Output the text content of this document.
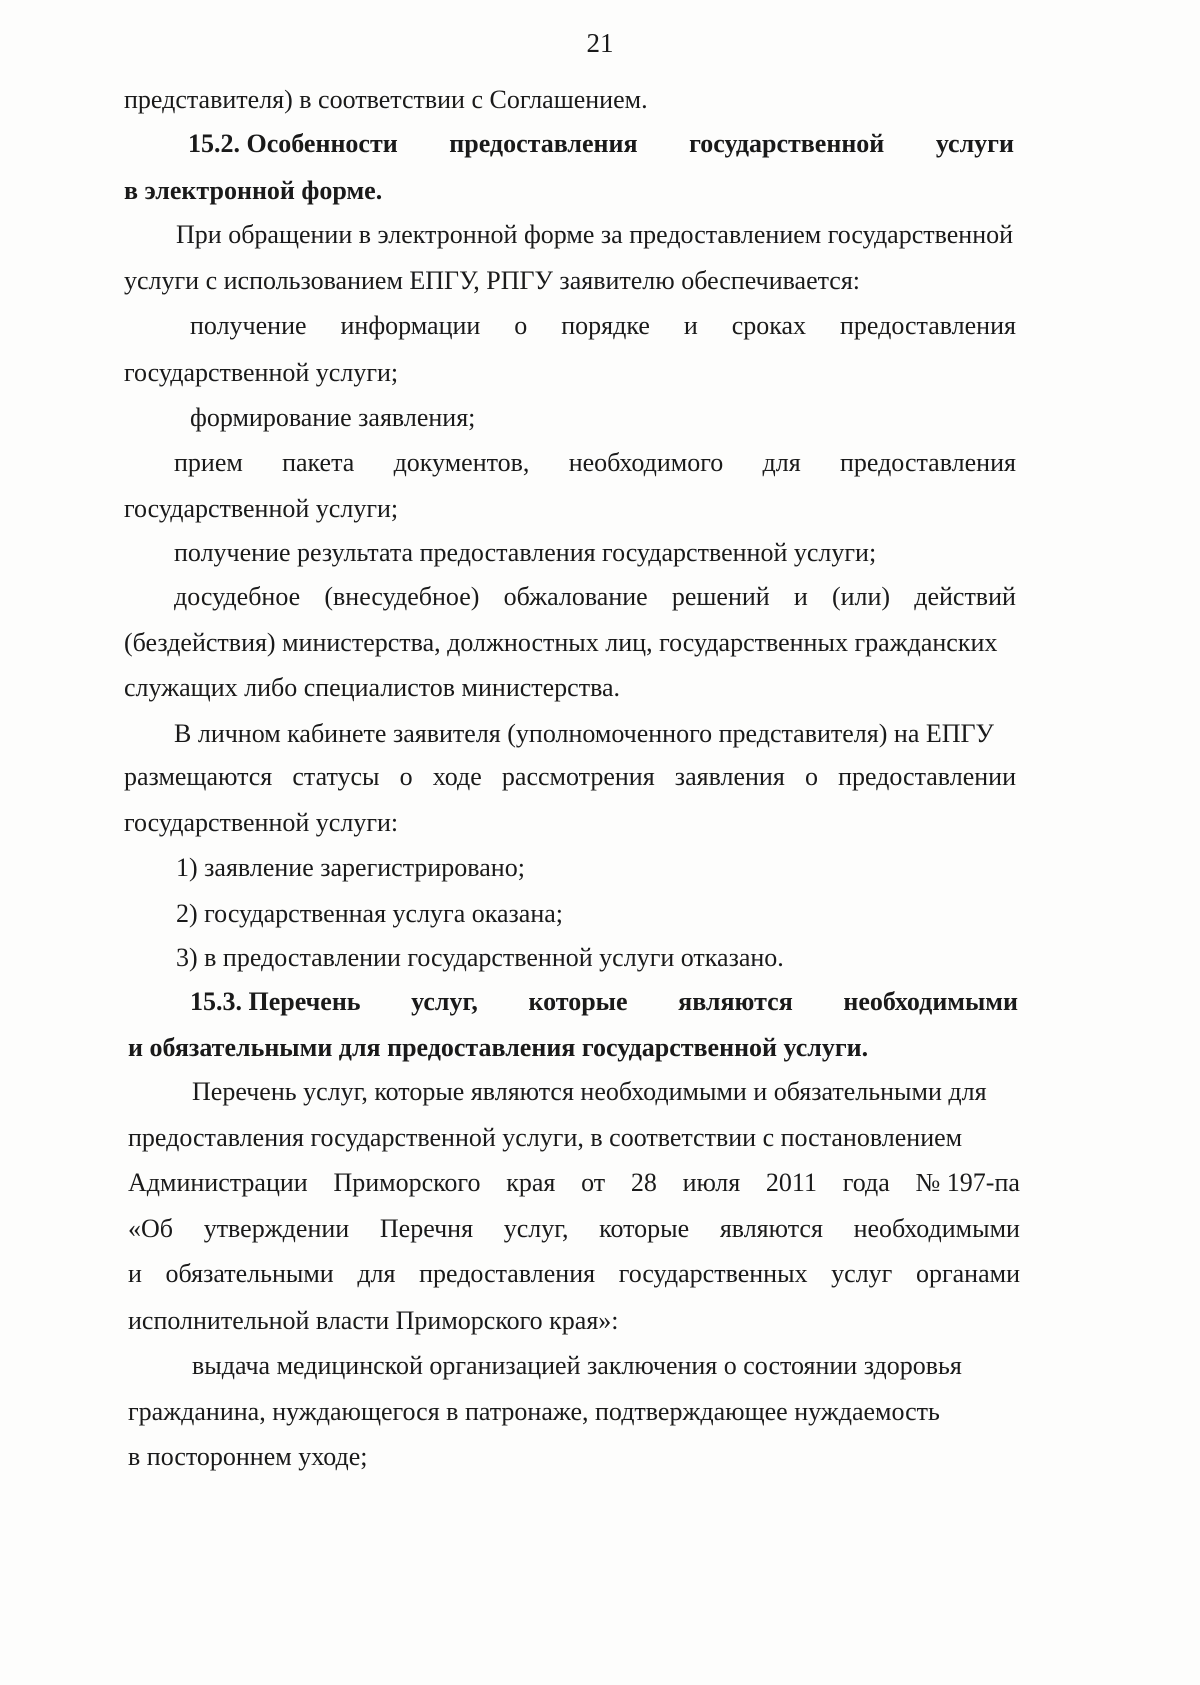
21
представителя) в соответствии с Соглашением.
15.2. Особенности предоставления государственной услуги
в электронной форме.
При обращении в электронной форме за предоставлением государственной
услуги с использованием ЕПГУ, РПГУ заявителю обеспечивается:
получение информации о порядке и сроках предоставления
государственной услуги;
формирование заявления;
прием пакета документов, необходимого для предоставления
государственной услуги;
получение результата предоставления государственной услуги;
досудебное (внесудебное) обжалование решений и (или) действий
(бездействия) министерства, должностных лиц, государственных гражданских
служащих либо специалистов министерства.
В личном кабинете заявителя (уполномоченного представителя) на ЕПГУ
размещаются статусы о ходе рассмотрения заявления о предоставлении
государственной услуги:
1) заявление зарегистрировано;
2) государственная услуга оказана;
3) в предоставлении государственной услуги отказано.
15.3. Перечень услуг, которые являются необходимыми
и обязательными для предоставления государственной услуги.
Перечень услуг, которые являются необходимыми и обязательными для
предоставления государственной услуги, в соответствии с постановлением
Администрации Приморского края от 28 июля 2011 года № 197-па
«Об утверждении Перечня услуг, которые являются необходимыми
и обязательными для предоставления государственных услуг органами
исполнительной власти Приморского края»:
выдача медицинской организацией заключения о состоянии здоровья
гражданина, нуждающегося в патронаже, подтверждающее нуждаемость
в постороннем уходе;
